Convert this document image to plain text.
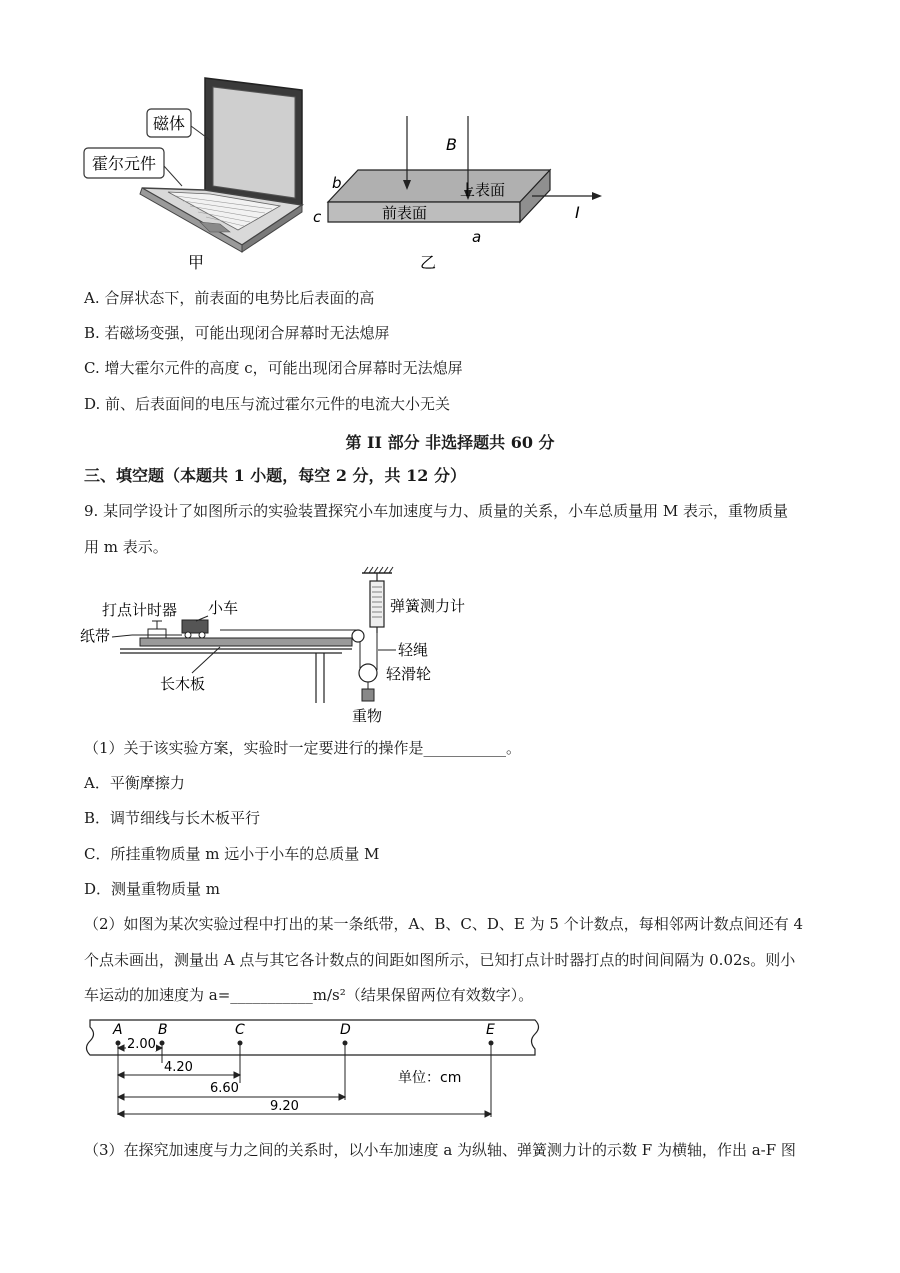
磁体
霍尔元件
甲
B
I
b
c
a
上表面
前表面
乙
A. 合屏状态下，前表面的电势比后表面的高
B. 若磁场变强，可能出现闭合屏幕时无法熄屏
C. 增大霍尔元件的高度 c，可能出现闭合屏幕时无法熄屏
D. 前、后表面间的电压与流过霍尔元件的电流大小无关
第 II 部分 非选择题共 60 分
三、填空题（本题共 1 小题，每空 2 分，共 12 分）
9. 某同学设计了如图所示的实验装置探究小车加速度与力、质量的关系，小车总质量用 M 表示，重物质量
用 m 表示。
弹簧测力计
轻绳
轻滑轮
重物
打点计时器 小车
纸带
长木板
（1）关于该实验方案，实验时一定要进行的操作是___________。
A．平衡摩擦力
B．调节细线与长木板平行
C．所挂重物质量 m 远小于小车的总质量 M
D．测量重物质量 m
（2）如图为某次实验过程中打出的某一条纸带，A、B、C、D、E 为 5 个计数点，每相邻两计数点间还有 4
个点未画出，测量出 A 点与其它各计数点的间距如图所示，已知打点计时器打点的时间间隔为 0.02s。则小
车运动的加速度为 a=___________m/s²（结果保留两位有效数字）。
A	B	C	D	E
2.00
4.20
6.60
9.20
单位：cm
（3）在探究加速度与力之间的关系时，以小车加速度 a 为纵轴、弹簧测力计的示数 F 为横轴，作出 a-F 图
